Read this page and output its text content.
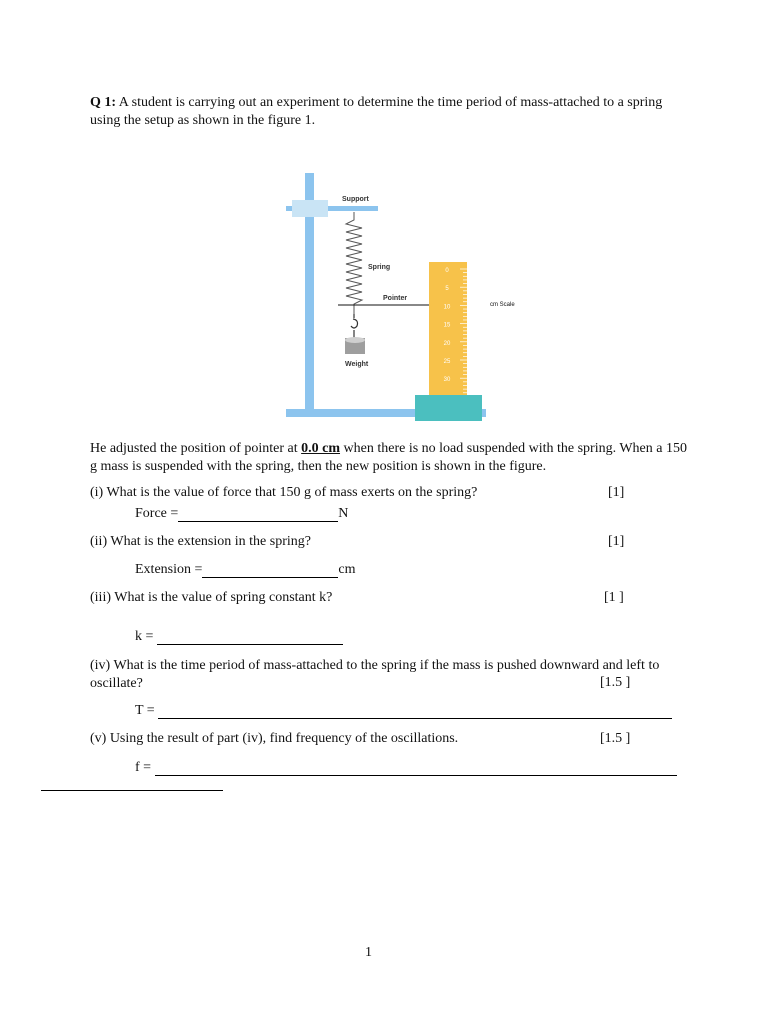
Q 1: A student is carrying out an experiment to determine the time period of mass-attached to a spring
using the setup as shown in the figure 1.
0
5
10
15
20
25
30
Support
Spring
Pointer
Weight
cm Scale
He adjusted the position of pointer at 0.0 cm when there is no load suspended with the spring. When a 150
g mass is suspended with the spring, then the new position is shown in the figure.
(i) What is the value of force that 150 g of mass exerts on the spring?	[1]
Force =	N
(ii) What is the extension in the spring?	[1]
Extension =	cm
(iii) What is the value of spring constant k?	[1 ]
k =
(iv) What is the time period of mass-attached to the spring if the mass is pushed downward and left to
oscillate?	[1.5 ]
T =
(v) Using the result of part (iv), find frequency of the oscillations.	[1.5 ]
f =
1
